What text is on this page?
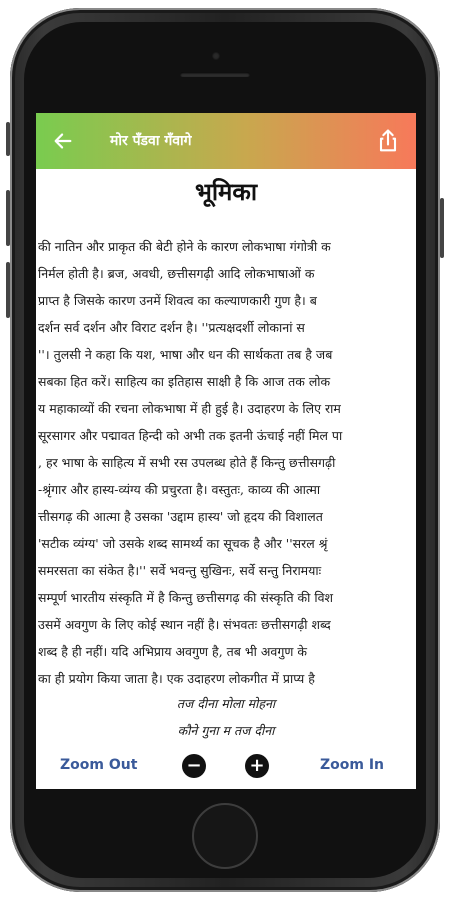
मोर पँडवा गँवागे
भूमिका
की नातिन और प्राकृत की बेटी होने के कारण लोकभाषा गंगोत्री क
निर्मल होती है। ब्रज, अवधी, छत्तीसगढ़ी आदि लोकभाषाओं क
प्राप्त है जिसके कारण उनमें शिवत्व का कल्याणकारी गुण है। ब
दर्शन सर्व दर्शन और विराट दर्शन है। ''प्रत्यक्षदर्शी लोकानां स
''। तुलसी ने कहा कि यश, भाषा और धन की सार्थकता तब है जब
सबका हित करें। साहित्य का इतिहास साक्षी है कि आज तक लोक
य महाकाव्यों की रचना लोकभाषा में ही हुई है। उदाहरण के लिए राम
सूरसागर और पद्मावत हिन्दी को अभी तक इतनी ऊंचाई नहीं मिल पा
, हर भाषा के साहित्य में सभी रस उपलब्ध होते हैं किन्तु छत्तीसगढ़ी
-श्रृंगार और हास्य-व्यंग्य की प्रचुरता है। वस्तुतः, काव्य की आत्मा
त्तीसगढ़ की आत्मा है उसका 'उद्दाम हास्य' जो हृदय की विशालत
'सटीक व्यंग्य' जो उसके शब्द सामर्थ्य का सूचक है और ''सरल श्रृं
समरसता का संकेत है।'' सर्वे भवन्तु सुखिनः, सर्वे सन्तु निरामयाः
सम्पूर्ण भारतीय संस्कृति में है किन्तु छत्तीसगढ़ की संस्कृति की विश
उसमें अवगुण के लिए कोई स्थान नहीं है। संभवतः छत्तीसगढ़ी शब्द
शब्द है ही नहीं। यदि अभिप्राय अवगुण है, तब भी अवगुण के
का ही प्रयोग किया जाता है। एक उदाहरण लोकगीत में प्राप्य है
तज दीना मोला मोहना
कौने गुना म तज दीना
Zoom Out	−	+	Zoom In
